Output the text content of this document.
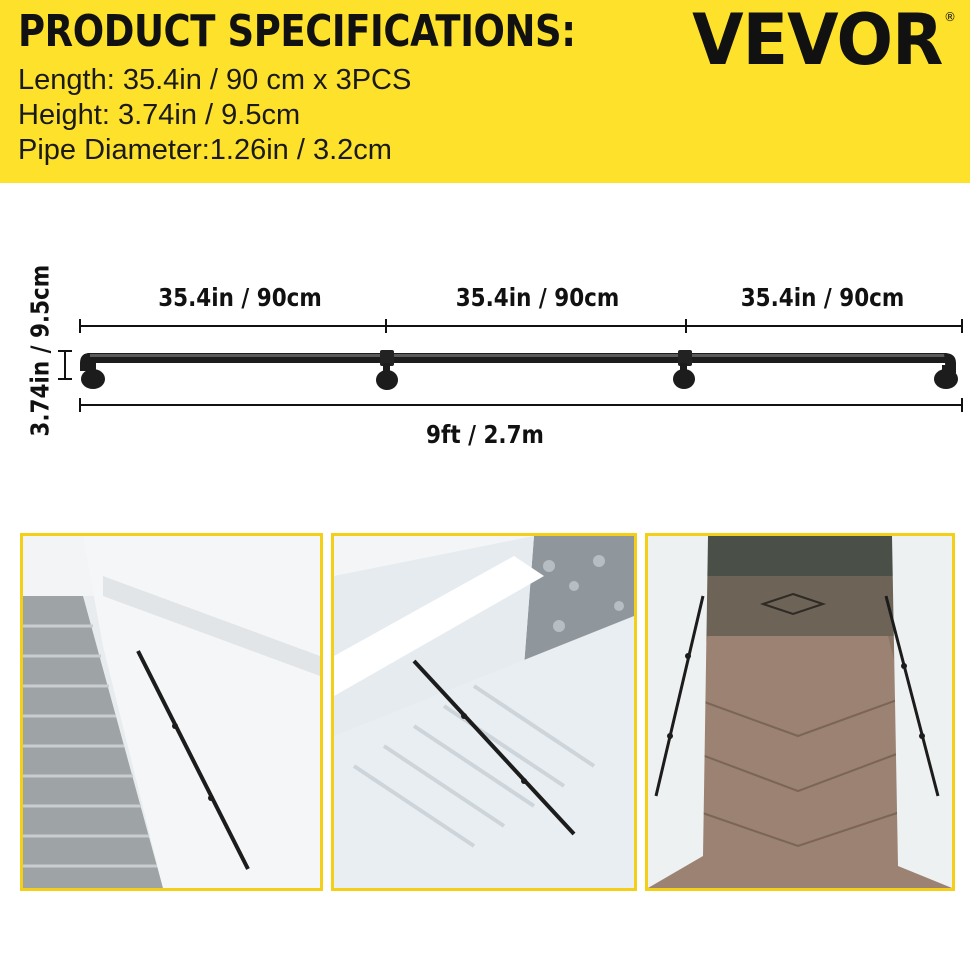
PRODUCT SPECIFICATIONS:
Length: 35.4in / 90 cm x 3PCS
Height: 3.74in / 9.5cm
Pipe Diameter:1.26in / 3.2cm
VEVOR ®
35.4in / 90cm	35.4in / 90cm	35.4in / 90cm
9ft / 2.7m
3.74in / 9.5cm
